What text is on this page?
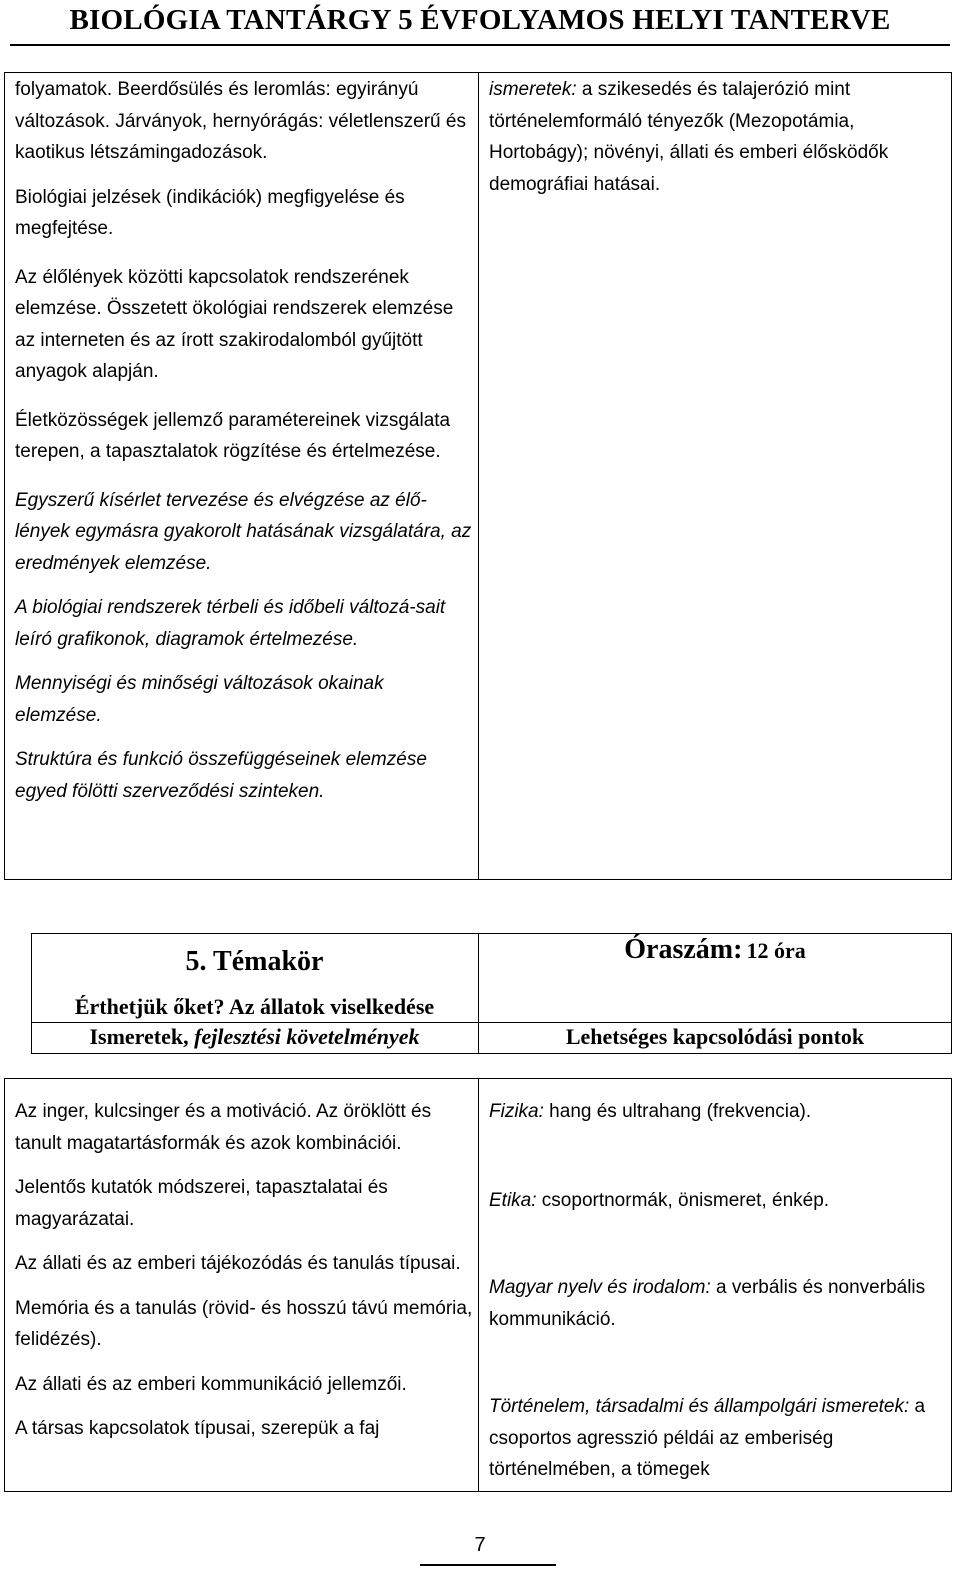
BIOLÓGIA TANTÁRGY 5 ÉVFOLYAMOS HELYI TANTERVE

folyamatok. Beerdősülés és leromlás: egyirányú változások. Járványok, hernyórágás: véletlenszerű és kaotikus létszámingadozások.

Biológiai jelzések (indikációk) megfigyelése és megfejtése.

Az élőlények közötti kapcsolatok rendszerének elemzése. Összetett ökológiai rendszerek elemzése az interneten és az írott szakirodalomból gyűjtött anyagok alapján.

Életközösségek jellemző paramétereinek vizsgálata terepen, a tapasztalatok rögzítése és értelmezése.

Egyszerű kísérlet tervezése és elvégzése az élő-lények egymásra gyakorolt hatásának vizsgálatára, az eredmények elemzése.

A biológiai rendszerek térbeli és időbeli változá-sait leíró grafikonok, diagramok értelmezése.

Mennyiségi és minőségi változások okainak elemzése.

Struktúra és funkció összefüggéseinek elemzése egyed fölötti szerveződési szinteken.

ismeretek: a szikesedés és talajerózió mint történelemformáló tényezők (Mezopotámia, Hortobágy); növényi, állati és emberi élősködők demográfiai hatásai.

5. Témakör	Óraszám: 12 óra
Érthetjük őket? Az állatok viselkedése
Ismeretek, fejlesztési követelmények	Lehetséges kapcsolódási pontok

Az inger, kulcsinger és a motiváció. Az öröklött és tanult magatartásformák és azok kombinációi.

Jelentős kutatók módszerei, tapasztalatai és magyarázatai.

Az állati és az emberi tájékozódás és tanulás típusai.

Memória és a tanulás (rövid- és hosszú távú memória, felidézés).

Az állati és az emberi kommunikáció jellemzői.

A társas kapcsolatok típusai, szerepük a faj

Fizika: hang és ultrahang (frekvencia).

Etika: csoportnormák, önismeret, énkép.

Magyar nyelv és irodalom: a verbális és nonverbális kommunikáció.

Történelem, társadalmi és állampolgári ismeretek: a csoportos agresszió példái az emberiség történelmében, a tömegek

7
